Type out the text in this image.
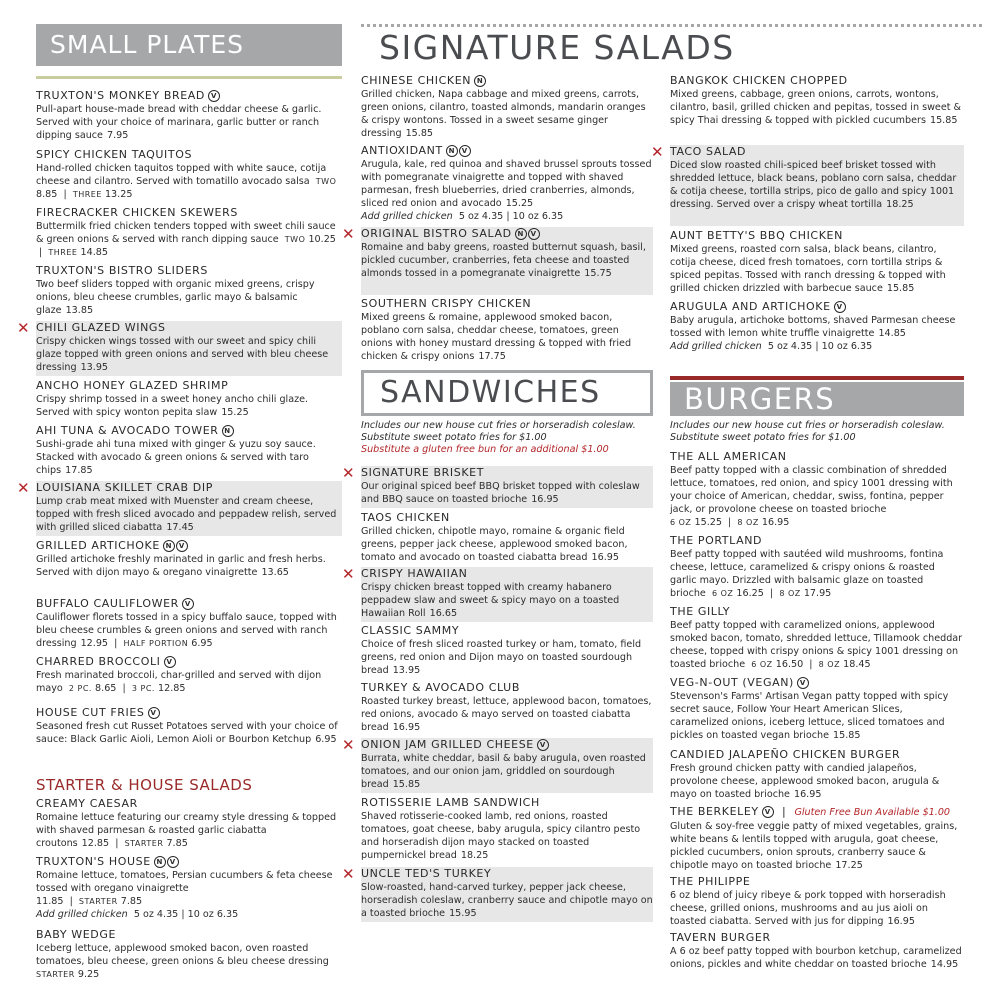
SMALL PLATES
TRUXTON'S MONKEY BREAD V
Pull-apart house-made bread with cheddar cheese & garlic. Served with your choice of marinara, garlic butter or ranch dipping sauce 7.95
SPICY CHICKEN TAQUITOS
Hand-rolled chicken taquitos topped with white sauce, cotija cheese and cilantro. Served with tomatillo avocado salsa TWO 8.85  |  THREE 13.25
FIRECRACKER CHICKEN SKEWERS
Buttermilk fried chicken tenders topped with sweet chili sauce & green onions & served with ranch dipping sauce TWO 10.25  |  THREE 14.85
TRUXTON'S BISTRO SLIDERS
Two beef sliders topped with organic mixed greens, crispy onions, bleu cheese crumbles, garlic mayo & balsamic glaze 13.85
✕ CHILI GLAZED WINGS
Crispy chicken wings tossed with our sweet and spicy chili glaze topped with green onions and served with bleu cheese dressing 13.95
ANCHO HONEY GLAZED SHRIMP
Crispy shrimp tossed in a sweet honey ancho chili glaze. Served with spicy wonton pepita slaw 15.25
AHI TUNA & AVOCADO TOWER N
Sushi-grade ahi tuna mixed with ginger & yuzu soy sauce. Stacked with avocado & green onions & served with taro chips 17.85
✕ LOUISIANA SKILLET CRAB DIP
Lump crab meat mixed with Muenster and cream cheese, topped with fresh sliced avocado and peppadew relish, served with grilled sliced ciabatta 17.45
GRILLED ARTICHOKE N V
Grilled artichoke freshly marinated in garlic and fresh herbs. Served with dijon mayo & oregano vinaigrette 13.65
BUFFALO CAULIFLOWER V
Cauliflower florets tossed in a spicy buffalo sauce, topped with bleu cheese crumbles & green onions and served with ranch dressing 12.95  |  HALF PORTION 6.95
CHARRED BROCCOLI V
Fresh marinated broccoli, char-grilled and served with dijon mayo 2 PC. 8.65  |  3 PC. 12.85
HOUSE CUT FRIES V
Seasoned fresh cut Russet Potatoes served with your choice of sauce: Black Garlic Aioli, Lemon Aioli or Bourbon Ketchup 6.95
STARTER & HOUSE SALADS
CREAMY CAESAR
Romaine lettuce featuring our creamy style dressing & topped with shaved parmesan & roasted garlic ciabatta croutons 12.85  |  STARTER 7.85
TRUXTON'S HOUSE N V
Romaine lettuce, tomatoes, Persian cucumbers & feta cheese tossed with oregano vinaigrette
11.85  |  STARTER 7.85
Add grilled chicken 5 oz 4.35 | 10 oz 6.35
BABY WEDGE
Iceberg lettuce, applewood smoked bacon, oven roasted tomatoes, bleu cheese, green onions & bleu cheese dressing
STARTER 9.25
SIGNATURE SALADS
CHINESE CHICKEN N
Grilled chicken, Napa cabbage and mixed greens, carrots, green onions, cilantro, toasted almonds, mandarin oranges & crispy wontons. Tossed in a sweet sesame ginger dressing 15.85
ANTIOXIDANT N V
Arugula, kale, red quinoa and shaved brussel sprouts tossed with pomegranate vinaigrette and topped with shaved parmesan, fresh blueberries, dried cranberries, almonds, sliced red onion and avocado 15.25
Add grilled chicken 5 oz 4.35 | 10 oz 6.35
✕ ORIGINAL BISTRO SALAD N V
Romaine and baby greens, roasted butternut squash, basil, pickled cucumber, cranberries, feta cheese and toasted almonds tossed in a pomegranate vinaigrette 15.75
SOUTHERN CRISPY CHICKEN
Mixed greens & romaine, applewood smoked bacon, poblano corn salsa, cheddar cheese, tomatoes, green onions with honey mustard dressing & topped with fried chicken & crispy onions 17.75
SANDWICHES
Includes our new house cut fries or horseradish coleslaw.
Substitute sweet potato fries for $1.00
Substitute a gluten free bun for an additional $1.00
✕ SIGNATURE BRISKET
Our original spiced beef BBQ brisket topped with coleslaw and BBQ sauce on toasted brioche 16.95
TAOS CHICKEN
Grilled chicken, chipotle mayo, romaine & organic field greens, pepper jack cheese, applewood smoked bacon, tomato and avocado on toasted ciabatta bread 16.95
✕ CRISPY HAWAIIAN
Crispy chicken breast topped with creamy habanero peppadew slaw and sweet & spicy mayo on a toasted Hawaiian Roll 16.65
CLASSIC SAMMY
Choice of fresh sliced roasted turkey or ham, tomato, field greens, red onion and Dijon mayo on toasted sourdough bread 13.95
TURKEY & AVOCADO CLUB
Roasted turkey breast, lettuce, applewood bacon, tomatoes, red onions, avocado & mayo served on toasted ciabatta bread 16.95
✕ ONION JAM GRILLED CHEESE V
Burrata, white cheddar, basil & baby arugula, oven roasted tomatoes, and our onion jam, griddled on sourdough bread 15.85
ROTISSERIE LAMB SANDWICH
Shaved rotisserie-cooked lamb, red onions, roasted tomatoes, goat cheese, baby arugula, spicy cilantro pesto and horseradish dijon mayo stacked on toasted pumpernickel bread 18.25
✕ UNCLE TED'S TURKEY
Slow-roasted, hand-carved turkey, pepper jack cheese, horseradish coleslaw, cranberry sauce and chipotle mayo on a toasted brioche 15.95
BANGKOK CHICKEN CHOPPED
Mixed greens, cabbage, green onions, carrots, wontons, cilantro, basil, grilled chicken and pepitas, tossed in sweet & spicy Thai dressing & topped with pickled cucumbers 15.85
✕ TACO SALAD
Diced slow roasted chili-spiced beef brisket tossed with shredded lettuce, black beans, poblano corn salsa, cheddar & cotija cheese, tortilla strips, pico de gallo and spicy 1001 dressing. Served over a crispy wheat tortilla 18.25
AUNT BETTY'S BBQ CHICKEN
Mixed greens, roasted corn salsa, black beans, cilantro, cotija cheese, diced fresh tomatoes, corn tortilla strips & spiced pepitas. Tossed with ranch dressing & topped with grilled chicken drizzled with barbecue sauce 15.85
ARUGULA AND ARTICHOKE V
Baby arugula, artichoke bottoms, shaved Parmesan cheese tossed with lemon white truffle vinaigrette 14.85
Add grilled chicken 5 oz 4.35 | 10 oz 6.35
BURGERS
Includes our new house cut fries or horseradish coleslaw.
Substitute sweet potato fries for $1.00
THE ALL AMERICAN
Beef patty topped with a classic combination of shredded lettuce, tomatoes, red onion, and spicy 1001 dressing with your choice of American, cheddar, swiss, fontina, pepper jack, or provolone cheese on toasted brioche
6 OZ 15.25  |  8 OZ 16.95
THE PORTLAND
Beef patty topped with sautéed wild mushrooms, fontina cheese, lettuce, caramelized & crispy onions & roasted garlic mayo. Drizzled with balsamic glaze on toasted brioche 6 OZ 16.25  |  8 OZ 17.95
THE GILLY
Beef patty topped with caramelized onions, applewood smoked bacon, tomato, shredded lettuce, Tillamook cheddar cheese, topped with crispy onions & spicy 1001 dressing on toasted brioche 6 OZ 16.50  |  8 OZ 18.45
VEG-N-OUT (VEGAN) V
Stevenson's Farms' Artisan Vegan patty topped with spicy secret sauce, Follow Your Heart American Slices, caramelized onions, iceberg lettuce, sliced tomatoes and pickles on toasted vegan brioche 15.85
CANDIED JALAPEÑO CHICKEN BURGER
Fresh ground chicken patty with candied jalapeños, provolone cheese, applewood smoked bacon, arugula & mayo on toasted brioche 16.95
THE BERKELEY V  |  Gluten Free Bun Available $1.00
Gluten & soy-free veggie patty of mixed vegetables, grains, white beans & lentils topped with arugula, goat cheese, pickled cucumbers, onion sprouts, cranberry sauce & chipotle mayo on toasted brioche 17.25
THE PHILIPPE
6 oz blend of juicy ribeye & pork topped with horseradish cheese, grilled onions, mushrooms and au jus aioli on toasted ciabatta. Served with jus for dipping 16.95
TAVERN BURGER
A 6 oz beef patty topped with bourbon ketchup, caramelized onions, pickles and white cheddar on toasted brioche 14.95
